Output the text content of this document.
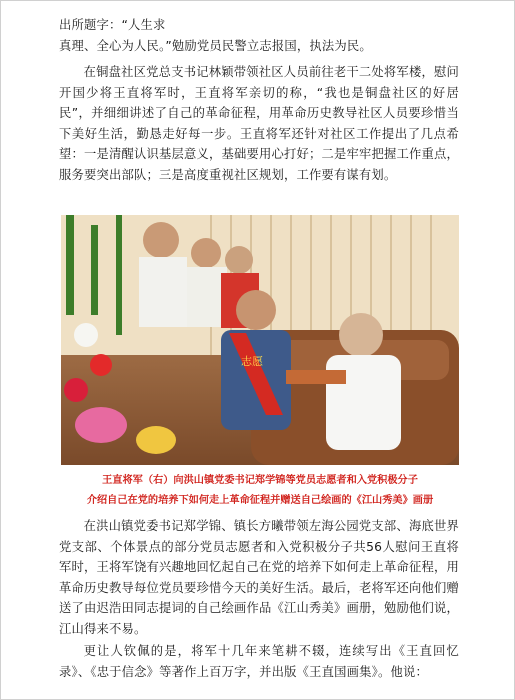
出所题字：“人生求

真理、全心为人民。”勉励党员民警立志报国，执法为民。

在铜盘社区党总支书记林颖带领社区人员前往老干二处将军楼，慰问开国少将王直将军时，王直将军亲切的称，“我也是铜盘社区的好居民”，并细细讲述了自己的革命征程，用革命历史教导社区人员要珍惜当下美好生活，勤恳走好每一步。王直将军还针对社区工作提出了几点希望：一是清醒认识基层意义，基础要用心打好；二是牢牢把握工作重点，服务要突出部队；三是高度重视社区规划，工作要有谋有划。

志愿

王直将军（右）向洪山镇党委书记郑学锦等党员志愿者和入党积极分子

介绍自己在党的培养下如何走上革命征程并赠送自己绘画的《江山秀美》画册

在洪山镇党委书记郑学锦、镇长方曦带领左海公园党支部、海底世界党支部、个体景点的部分党员志愿者和入党积极分子共56人慰问王直将军时，王将军饶有兴趣地回忆起自己在党的培养下如何走上革命征程，用革命历史教导每位党员要珍惜今天的美好生活。最后，老将军还向他们赠送了由迟浩田同志提词的自己绘画作品《江山秀美》画册，勉励他们说，江山得来不易。

更让人钦佩的是，将军十几年来笔耕不辍，连续写出《王直回忆录》、《忠于信念》等著作上百万字，并出版《王直国画集》。他说：
